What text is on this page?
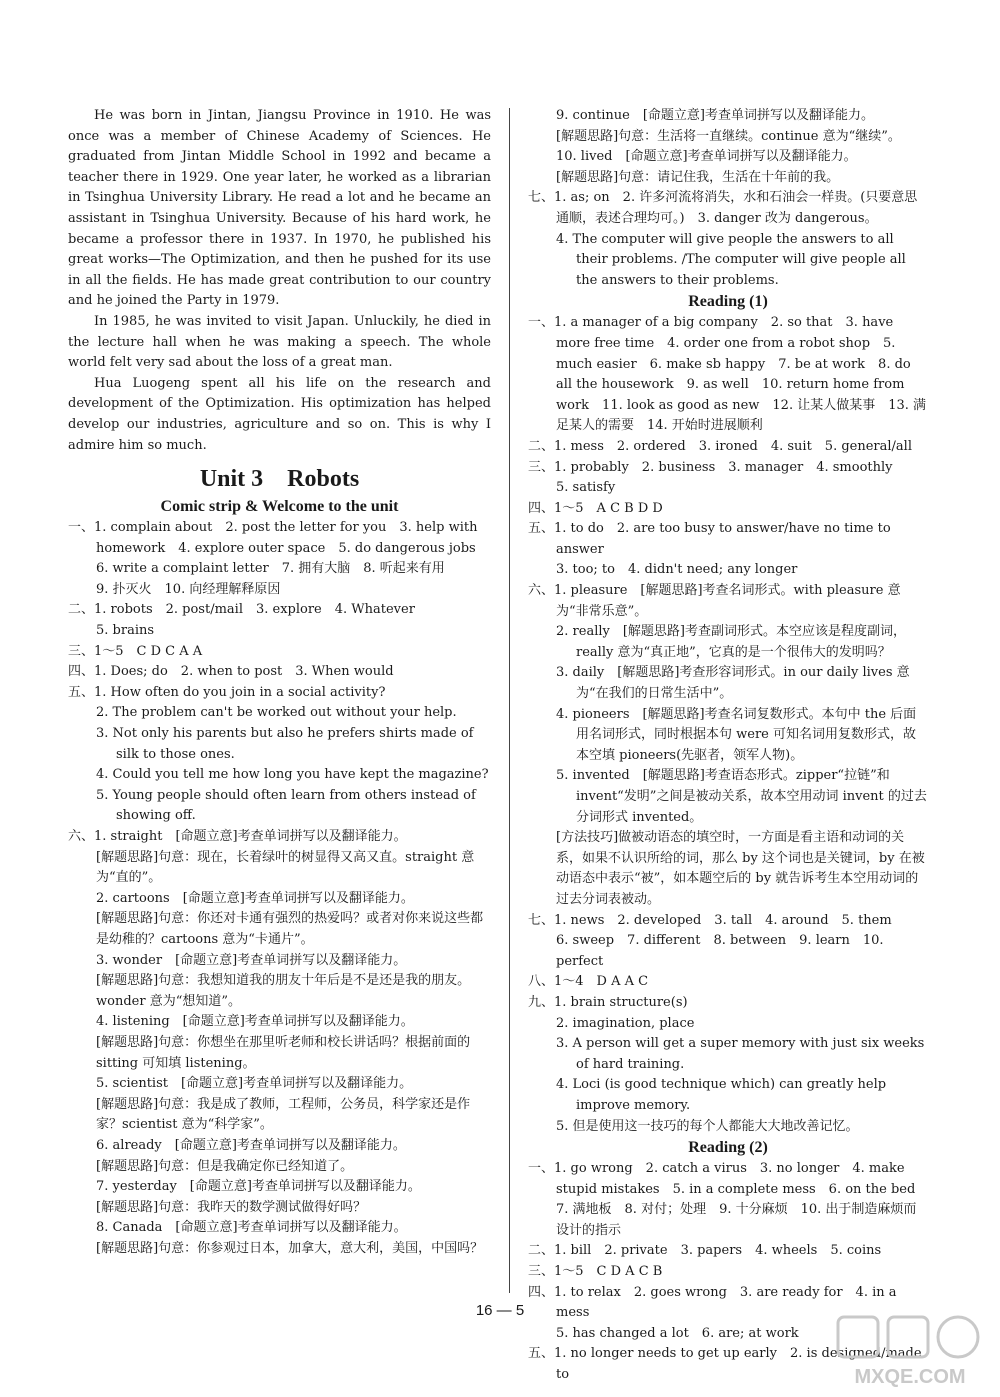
He was born in Jintan, Jiangsu Province in 1910. He was once was a member of Chinese Academy of Sciences. He graduated from Jintan Middle School in 1992 and became a teacher there in 1929. One year later, he worked as a librarian in Tsinghua University Library. He read a lot and he became an assistant in Tsinghua University. Because of his hard work, he became a professor there in 1937. In 1970, he published his great works—The Optimization, and then he pushed for its use in all the fields. He has made great contribution to our country and he joined the Party in 1979.

In 1985, he was invited to visit Japan. Unluckily, he died in the lecture hall when he was making a speech. The whole world felt very sad about the loss of a great man.

Hua Luogeng spent all his life on the research and development of the Optimization. His optimization has helped develop our industries, agriculture and so on. This is why I admire him so much.

Unit 3　Robots
Comic strip & Welcome to the unit
一、1. complain about　2. post the letter for you　3. help with homework　4. explore outer space　5. do dangerous jobs
6. write a complaint letter　7. 拥有大脑　8. 听起来有用
9. 扑灭火　10. 向经理解释原因
二、1. robots　2. post/mail　3. explore　4. Whatever
5. brains
三、1～5　C D C A A
四、1. Does; do　2. when to post　3. When would
五、1. How often do you join in a social activity?
2. The problem can't be worked out without your help.
3. Not only his parents but also he prefers shirts made of silk to those ones.
4. Could you tell me how long you have kept the magazine?
5. Young people should often learn from others instead of showing off.
六、1. straight　[命题立意]考查单词拼写以及翻译能力。
[解题思路]句意：现在，长着绿叶的树显得又高又直。straight 意为“直的”。
2. cartoons　[命题立意]考查单词拼写以及翻译能力。
[解题思路]句意：你还对卡通有强烈的热爱吗？或者对你来说这些都是幼稚的？cartoons 意为“卡通片”。
3. wonder　[命题立意]考查单词拼写以及翻译能力。
[解题思路]句意：我想知道我的朋友十年后是不是还是我的朋友。wonder 意为“想知道”。
4. listening　[命题立意]考查单词拼写以及翻译能力。
[解题思路]句意：你想坐在那里听老师和校长讲话吗？根据前面的 sitting 可知填 listening。
5. scientist　[命题立意]考查单词拼写以及翻译能力。
[解题思路]句意：我是成了教师，工程师，公务员，科学家还是作家？scientist 意为“科学家”。
6. already　[命题立意]考查单词拼写以及翻译能力。
[解题思路]句意：但是我确定你已经知道了。
7. yesterday　[命题立意]考查单词拼写以及翻译能力。
[解题思路]句意：我昨天的数学测试做得好吗？
8. Canada　[命题立意]考查单词拼写以及翻译能力。
[解题思路]句意：你参观过日本，加拿大，意大利，美国，中国吗？
9. continue　[命题立意]考查单词拼写以及翻译能力。
[解题思路]句意：生活将一直继续。continue 意为“继续”。
10. lived　[命题立意]考查单词拼写以及翻译能力。
[解题思路]句意：请记住我，生活在十年前的我。
七、1. as; on　2. 许多河流将消失，水和石油会一样贵。(只要意思通顺，表述合理均可。)　3. danger 改为 dangerous。
4. The computer will give people the answers to all their problems. /The computer will give people all the answers to their problems.
Reading (1)
一、1. a manager of a big company　2. so that　3. have more free time　4. order one from a robot shop　5. much easier　6. make sb happy　7. be at work　8. do all the housework　9. as well　10. return home from work　11. look as good as new　12. 让某人做某事　13. 满足某人的需要　14. 开始时进展顺利
二、1. mess　2. ordered　3. ironed　4. suit　5. general/all
三、1. probably　2. business　3. manager　4. smoothly
5. satisfy
四、1～5　A C B D D
五、1. to do　2. are too busy to answer/have no time to answer
3. too; to　4. didn't need; any longer
六、1. pleasure　[解题思路]考查名词形式。with pleasure 意为“非常乐意”。
2. really　[解题思路]考查副词形式。本空应该是程度副词，really 意为“真正地”，它真的是一个很伟大的发明吗？
3. daily　[解题思路]考查形容词形式。in our daily lives 意为“在我们的日常生活中”。
4. pioneers　[解题思路]考查名词复数形式。本句中 the 后面用名词形式，同时根据本句 were 可知名词用复数形式，故本空填 pioneers(先驱者，领军人物)。
5. invented　[解题思路]考查语态形式。zipper“拉链”和 invent“发明”之间是被动关系，故本空用动词 invent 的过去分词形式 invented。
[方法技巧]做被动语态的填空时，一方面是看主语和动词的关系，如果不认识所给的词，那么 by 这个词也是关键词，by 在被动语态中表示“被”，如本题空后的 by 就告诉考生本空用动词的过去分词表被动。
七、1. news　2. developed　3. tall　4. around　5. them
6. sweep　7. different　8. between　9. learn　10. perfect
八、1～4　D A A C
九、1. brain structure(s)
2. imagination, place
3. A person will get a super memory with just six weeks of hard training.
4. Loci (is good technique which) can greatly help improve memory.
5. 但是使用这一技巧的每个人都能大大地改善记忆。
Reading (2)
一、1. go wrong　2. catch a virus　3. no longer　4. make stupid mistakes　5. in a complete mess　6. on the bed　7. 满地板　8. 对付；处理　9. 十分麻烦　10. 出于制造麻烦而设计的指示
二、1. bill　2. private　3. papers　4. wheels　5. coins
三、1～5　C D A C B
四、1. to relax　2. goes wrong　3. are ready for　4. in a mess
5. has changed a lot　6. are; at work
五、1. no longer needs to get up early　2. is designed/made to
16 — 5
MXQE.COM
